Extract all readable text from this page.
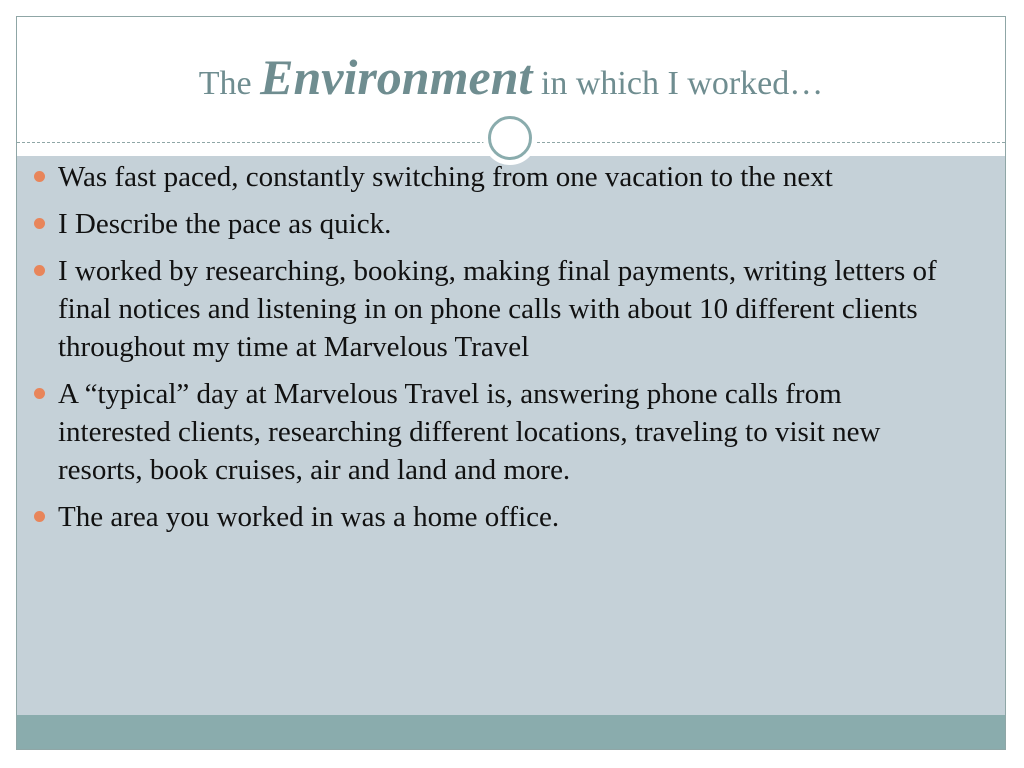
The Environment in which I worked…
Was fast paced, constantly switching from one vacation to the next
I Describe the pace as quick.
I worked by researching, booking, making final payments, writing letters of final notices and listening in on phone calls with about 10 different clients throughout my time at Marvelous Travel
A “typical” day at Marvelous Travel is, answering phone calls from interested clients, researching different locations, traveling to visit new resorts, book cruises, air and land and more.
The area you worked in was a home office.
